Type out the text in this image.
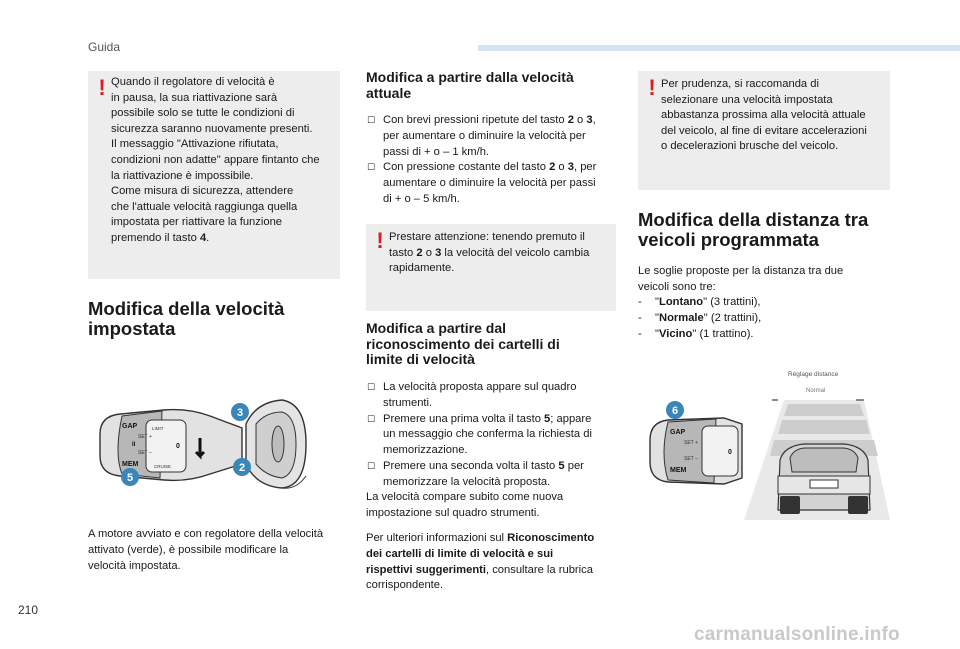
Guida
! Quando il regolatore di velocità è

in pausa, la sua riattivazione sarà

possibile solo se tutte le condizioni di

sicurezza saranno nuovamente presenti.

Il messaggio "Attivazione rifiutata,

condizioni non adatte" appare fintanto che

la riattivazione è impossibile.

Come misura di sicurezza, attendere

che l'attuale velocità raggiunga quella

impostata per riattivare la funzione

premendo il tasto 4.

Modifica della velocità
impostata
GAP
MEM
SET +
II
SET –
0
LIMIT
CRUISE
3
2
5
A motore avviato e con regolatore della velocità
attivato (verde), è possibile modificare la
velocità impostata.
Modifica a partire dalla velocità
attuale
☐ Con brevi pressioni ripetute del tasto 2 o 3,
per aumentare o diminuire la velocità per
passi di + o – 1 km/h.
☐ Con pressione costante del tasto 2 o 3, per
aumentare o diminuire la velocità per passi
di + o – 5 km/h.
! Prestare attenzione: tenendo premuto il

tasto 2 o 3 la velocità del veicolo cambia

rapidamente.

Modifica a partire dal
riconoscimento dei cartelli di
limite di velocità
☐ La velocità proposta appare sul quadro
strumenti.
☐ Premere una prima volta il tasto 5; appare
un messaggio che conferma la richiesta di
memorizzazione.
☐ Premere una seconda volta il tasto 5 per
memorizzare la velocità proposta.
La velocità compare subito come nuova
impostazione sul quadro strumenti.
Per ulteriori informazioni sul Riconoscimento
dei cartelli di limite di velocità e sui
rispettivi suggerimenti, consultare la rubrica
corrispondente.
! Per prudenza, si raccomanda di

selezionare una velocità impostata

abbastanza prossima alla velocità attuale

del veicolo, al fine di evitare accelerazioni

o decelerazioni brusche del veicolo.

Modifica della distanza tra
veicoli programmata
Le soglie proposte per la distanza tra due
veicoli sono tre:
- "Lontano" (3 trattini),
- "Normale" (2 trattini),
- "Vicino" (1 trattino).
GAP
MEM
SET +
SET –
0
6
Réglage distance
Normal
210
carmanualsonline.info
